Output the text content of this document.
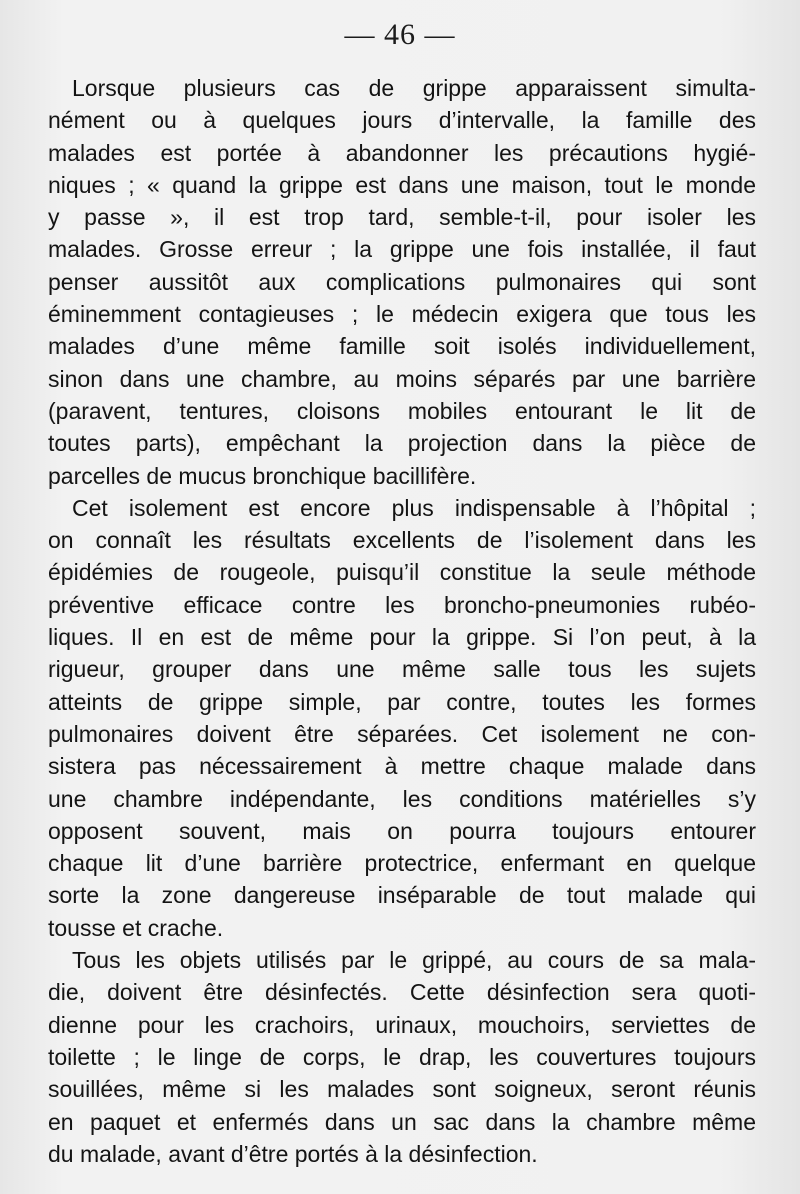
— 46 —

Lorsque plusieurs cas de grippe apparaissent simulta-
nément ou à quelques jours d’intervalle, la famille des
malades est portée à abandonner les précautions hygié-
niques ; « quand la grippe est dans une maison, tout le monde
y passe », il est trop tard, semble-t-il, pour isoler les
malades. Grosse erreur ; la grippe une fois installée, il faut
penser aussitôt aux complications pulmonaires qui sont
éminemment contagieuses ; le médecin exigera que tous les
malades d’une même famille soit isolés individuellement,
sinon dans une chambre, au moins séparés par une barrière
(paravent, tentures, cloisons mobiles entourant le lit de
toutes parts), empêchant la projection dans la pièce de
parcelles de mucus bronchique bacillifère.

Cet isolement est encore plus indispensable à l’hôpital ;
on connaît les résultats excellents de l’isolement dans les
épidémies de rougeole, puisqu’il constitue la seule méthode
préventive efficace contre les broncho-pneumonies rubéo-
liques. Il en est de même pour la grippe. Si l’on peut, à la
rigueur, grouper dans une même salle tous les sujets
atteints de grippe simple, par contre, toutes les formes
pulmonaires doivent être séparées. Cet isolement ne con-
sistera pas nécessairement à mettre chaque malade dans
une chambre indépendante, les conditions matérielles s’y
opposent souvent, mais on pourra toujours entourer
chaque lit d’une barrière protectrice, enfermant en quelque
sorte la zone dangereuse inséparable de tout malade qui
tousse et crache.

Tous les objets utilisés par le grippé, au cours de sa mala-
die, doivent être désinfectés. Cette désinfection sera quoti-
dienne pour les crachoirs, urinaux, mouchoirs, serviettes de
toilette ; le linge de corps, le drap, les couvertures toujours
souillées, même si les malades sont soigneux, seront réunis
en paquet et enfermés dans un sac dans la chambre même
du malade, avant d’être portés à la désinfection.
